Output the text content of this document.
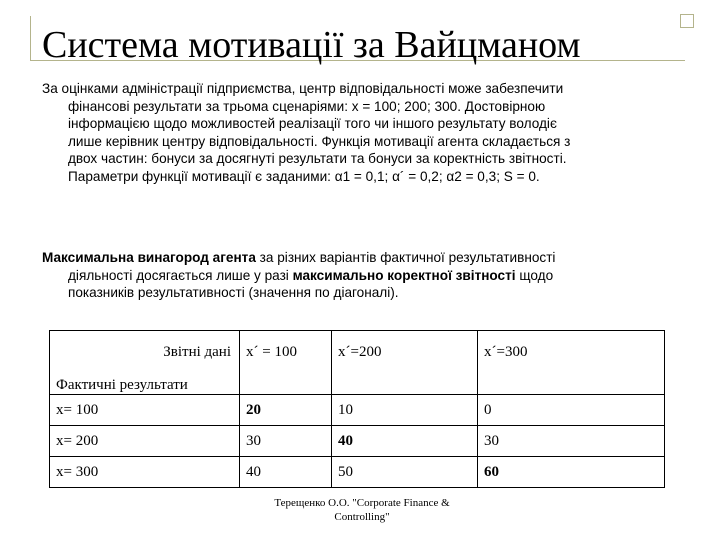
Система мотивації за Вайцманом
За оцінками адміністрації підприємства, центр відповідальності може забезпечити
фінансові результати за трьома сценаріями: х = 100; 200; 300. Достовірною
інформацією щодо можливостей реалізації того чи іншого результату володіє
лише керівник центру відповідальності. Функція мотивації агента складається з
двох частин: бонуси за досягнуті результати та бонуси за коректність звітності.
Параметри функції мотивації є заданими: α1 = 0,1; α´ = 0,2; α2 = 0,3; S = 0.
Максимальна винагород агента за різних варіантів фактичної результативності
діяльності досягається лише у разі максимально коректної звітності щодо
показників результативності (значення по діагоналі).
Звітні дані
Фактичні результати	x´ = 100	x´=200	x´=300
x= 100	20	10	0
x= 200	30	40	30
x= 300	40	50	60
Терещенко О.О. "Corporate Finance &
Controlling"
